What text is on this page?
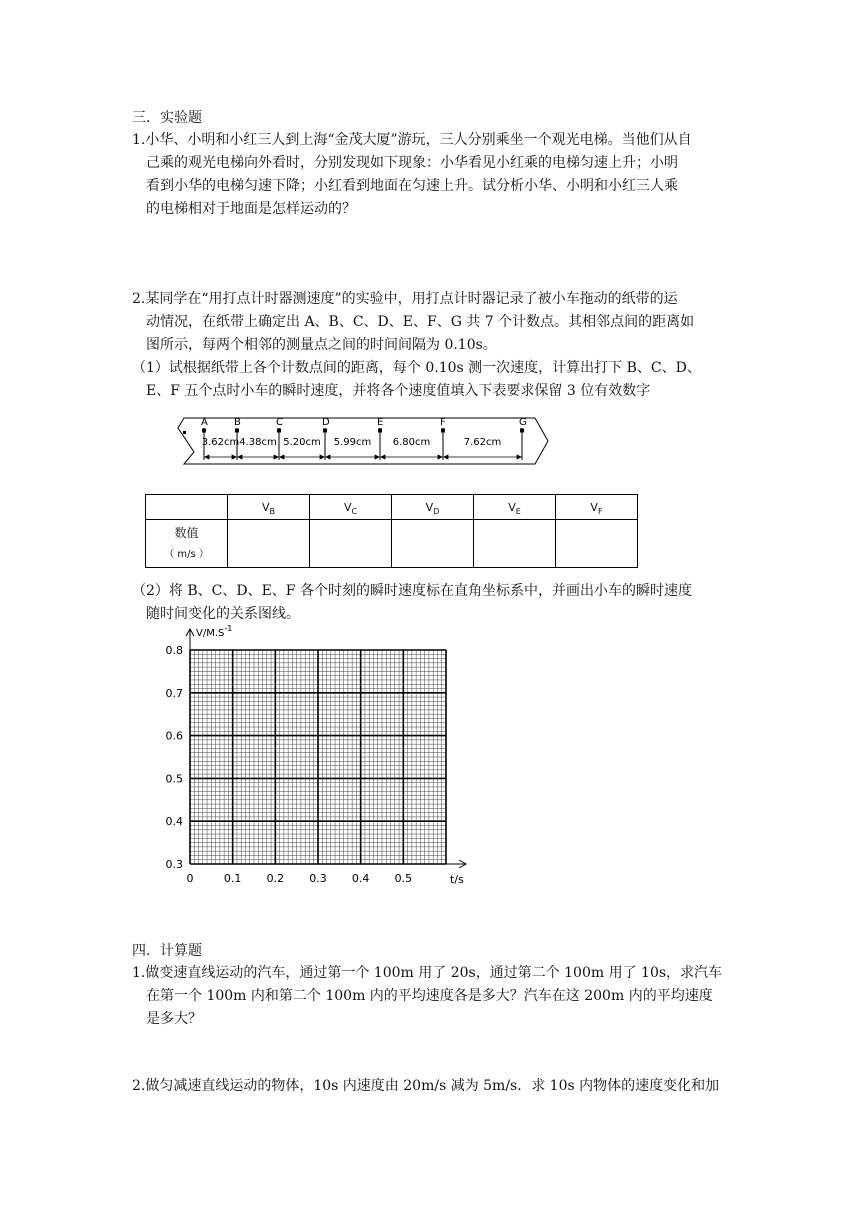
三．实验题
1.小华、小明和小红三人到上海“金茂大厦”游玩，三人分别乘坐一个观光电梯。当他们从自
己乘的观光电梯向外看时，分别发现如下现象：小华看见小红乘的电梯匀速上升；小明
看到小华的电梯匀速下降；小红看到地面在匀速上升。试分析小华、小明和小红三人乘
的电梯相对于地面是怎样运动的？
2.某同学在“用打点计时器测速度”的实验中，用打点计时器记录了被小车拖动的纸带的运
动情况，在纸带上确定出 A、B、C、D、E、F、G 共 7 个计数点。其相邻点间的距离如
图所示，每两个相邻的测量点之间的时间间隔为 0.10s。
（1）试根据纸带上各个计数点间的距离，每个 0.10s 测一次速度，计算出打下 B、C、D、
E、F 五个点时小车的瞬时速度，并将各个速度值填入下表要求保留 3 位有效数字
A	B	C	D	E	F	G
3.62cm 4.38cm 5.20cm 5.99cm 6.80cm	7.62cm
	$V_B$	$V_C$	$V_D$	$V_E$	$V_F$

数值
（ m/s ）					

（2）将 B、C、D、E、F 各个时刻的瞬时速度标在直角坐标系中，并画出小车的瞬时速度
随时间变化的关系图线。
$V/M.S^{-1}$
t/s
0.8
0.7
0.6
0.5
0.4
0.3
0	0.1 0.2 0.3 0.4 0.5
四．计算题
1.做变速直线运动的汽车，通过第一个 100m 用了 20s，通过第二个 100m 用了 10s，求汽车
在第一个 100m 内和第二个 100m 内的平均速度各是多大？汽车在这 200m 内的平均速度
是多大？
2.做匀减速直线运动的物体，10s 内速度由 20m/s 减为 5m/s．求 10s 内物体的速度变化和加
